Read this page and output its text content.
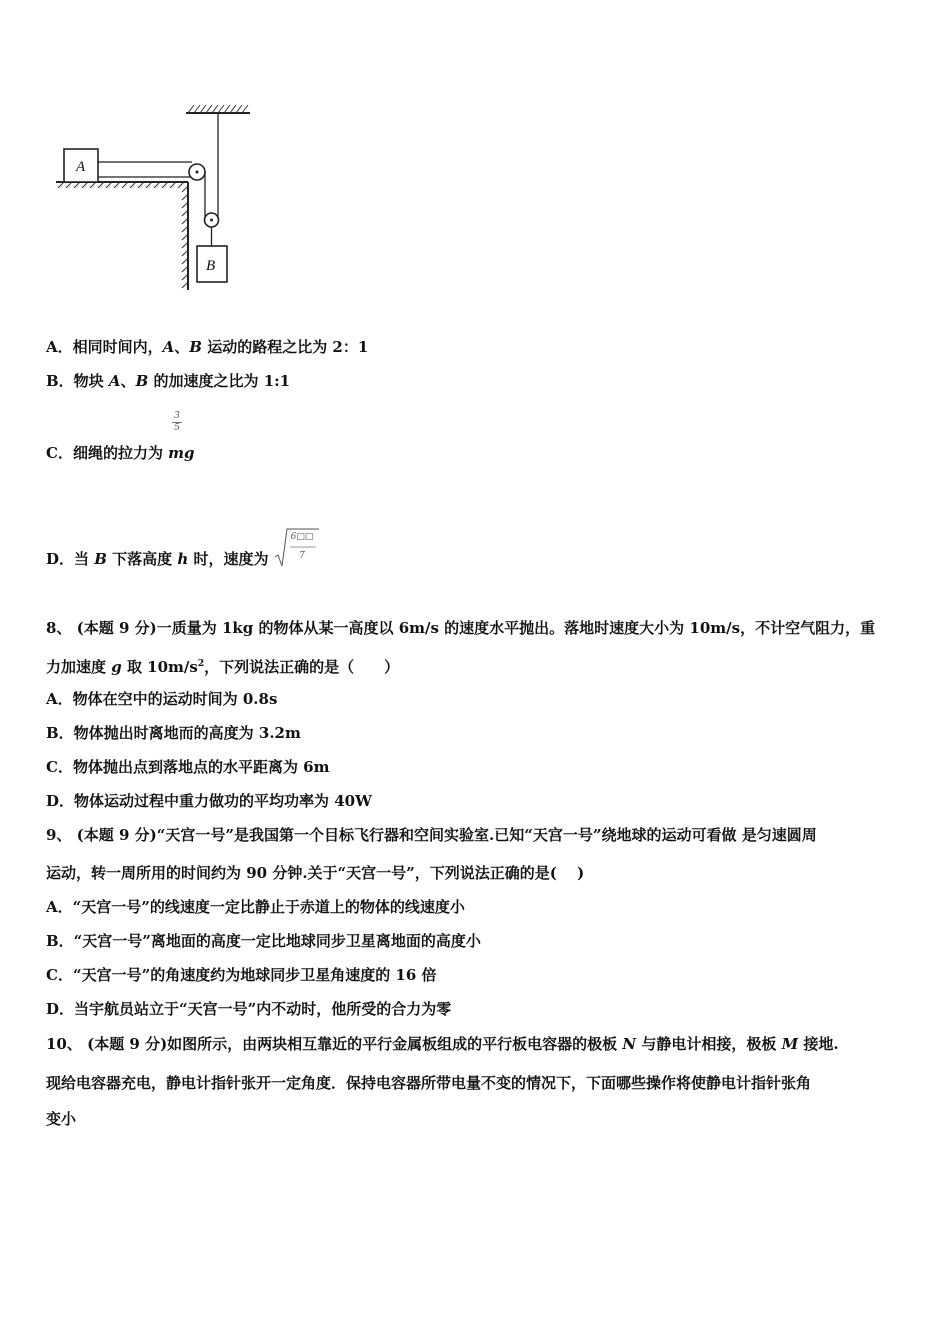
A
B
A．相同时间内，A、B 运动的路程之比为 2：1
B．物块 A、B 的加速度之比为 1:1
3
5
C．细绳的拉力为 mg
D．当 B 下落高度 h 时，速度为
6□□
7
8、 (本题 9 分)一质量为 1kg 的物体从某一高度以 6m/s 的速度水平抛出。落地时速度大小为 10m/s，不计空气阻力，重
力加速度 g 取 $10m/s^2$，下列说法正确的是（　　）
A．物体在空中的运动时间为 0.8s
B．物体抛出时离地而的高度为 3.2m
C．物体抛出点到落地点的水平距离为 6m
D．物体运动过程中重力做功的平均功率为 40W
9、 (本题 9 分)“天宫一号”是我国第一个目标飞行器和空间实验室.已知“天宫一号”绕地球的运动可看做 是匀速圆周
运动，转一周所用的时间约为 90 分钟.关于“天宫一号”，下列说法正确的是(　 )
A．“天宫一号”的线速度一定比静止于赤道上的物体的线速度小
B．“天宫一号”离地面的高度一定比地球同步卫星离地面的高度小
C．“天宫一号”的角速度约为地球同步卫星角速度的 16 倍
D．当宇航员站立于“天宫一号”内不动时，他所受的合力为零
10、 (本题 9 分)如图所示，由两块相互靠近的平行金属板组成的平行板电容器的极板 N 与静电计相接，极板 M 接地.
现给电容器充电，静电计指针张开一定角度．保持电容器所带电量不变的情况下，下面哪些操作将使静电计指针张角
变小
